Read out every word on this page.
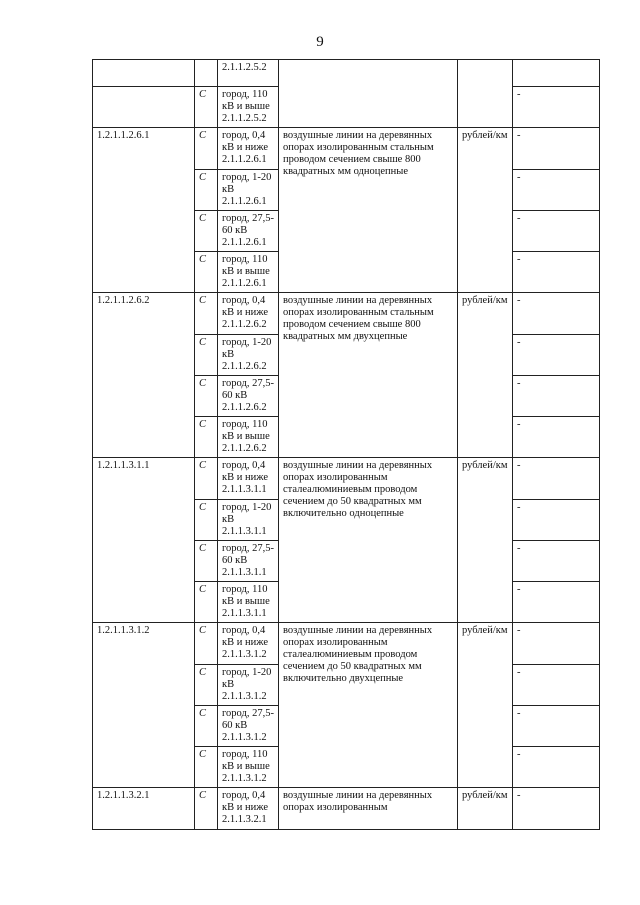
9
		2.1.1.2.5.2			
	С	город, 110 кВ и выше 2.1.1.2.5.2			-
1.2.1.1.2.6.1	С	город, 0,4 кВ и ниже 2.1.1.2.6.1	воздушные линии на деревянных опорах изолированным стальным проводом сечением свыше 800 квадратных мм одноцепные	рублей/км	-
	С	город, 1-20 кВ 2.1.1.2.6.1			-
	С	город, 27,5-60 кВ 2.1.1.2.6.1			-
	С	город, 110 кВ и выше 2.1.1.2.6.1			-
1.2.1.1.2.6.2	С	город, 0,4 кВ и ниже 2.1.1.2.6.2	воздушные линии на деревянных опорах изолированным стальным проводом сечением свыше 800 квадратных мм двухцепные	рублей/км	-
	С	город, 1-20 кВ 2.1.1.2.6.2			-
	С	город, 27,5-60 кВ 2.1.1.2.6.2			-
	С	город, 110 кВ и выше 2.1.1.2.6.2			-
1.2.1.1.3.1.1	С	город, 0,4 кВ и ниже 2.1.1.3.1.1	воздушные линии на деревянных опорах изолированным сталеалюминиевым проводом сечением до 50 квадратных мм включительно одноцепные	рублей/км	-
	С	город, 1-20 кВ 2.1.1.3.1.1			-
	С	город, 27,5-60 кВ 2.1.1.3.1.1			-
	С	город, 110 кВ и выше 2.1.1.3.1.1			-
1.2.1.1.3.1.2	С	город, 0,4 кВ и ниже 2.1.1.3.1.2	воздушные линии на деревянных опорах изолированным сталеалюминиевым проводом сечением до 50 квадратных мм включительно двухцепные	рублей/км	-
	С	город, 1-20 кВ 2.1.1.3.1.2			-
	С	город, 27,5-60 кВ 2.1.1.3.1.2			-
	С	город, 110 кВ и выше 2.1.1.3.1.2			-
1.2.1.1.3.2.1	С	город, 0,4 кВ и ниже 2.1.1.3.2.1	воздушные линии на деревянных опорах изолированным	рублей/км	-
